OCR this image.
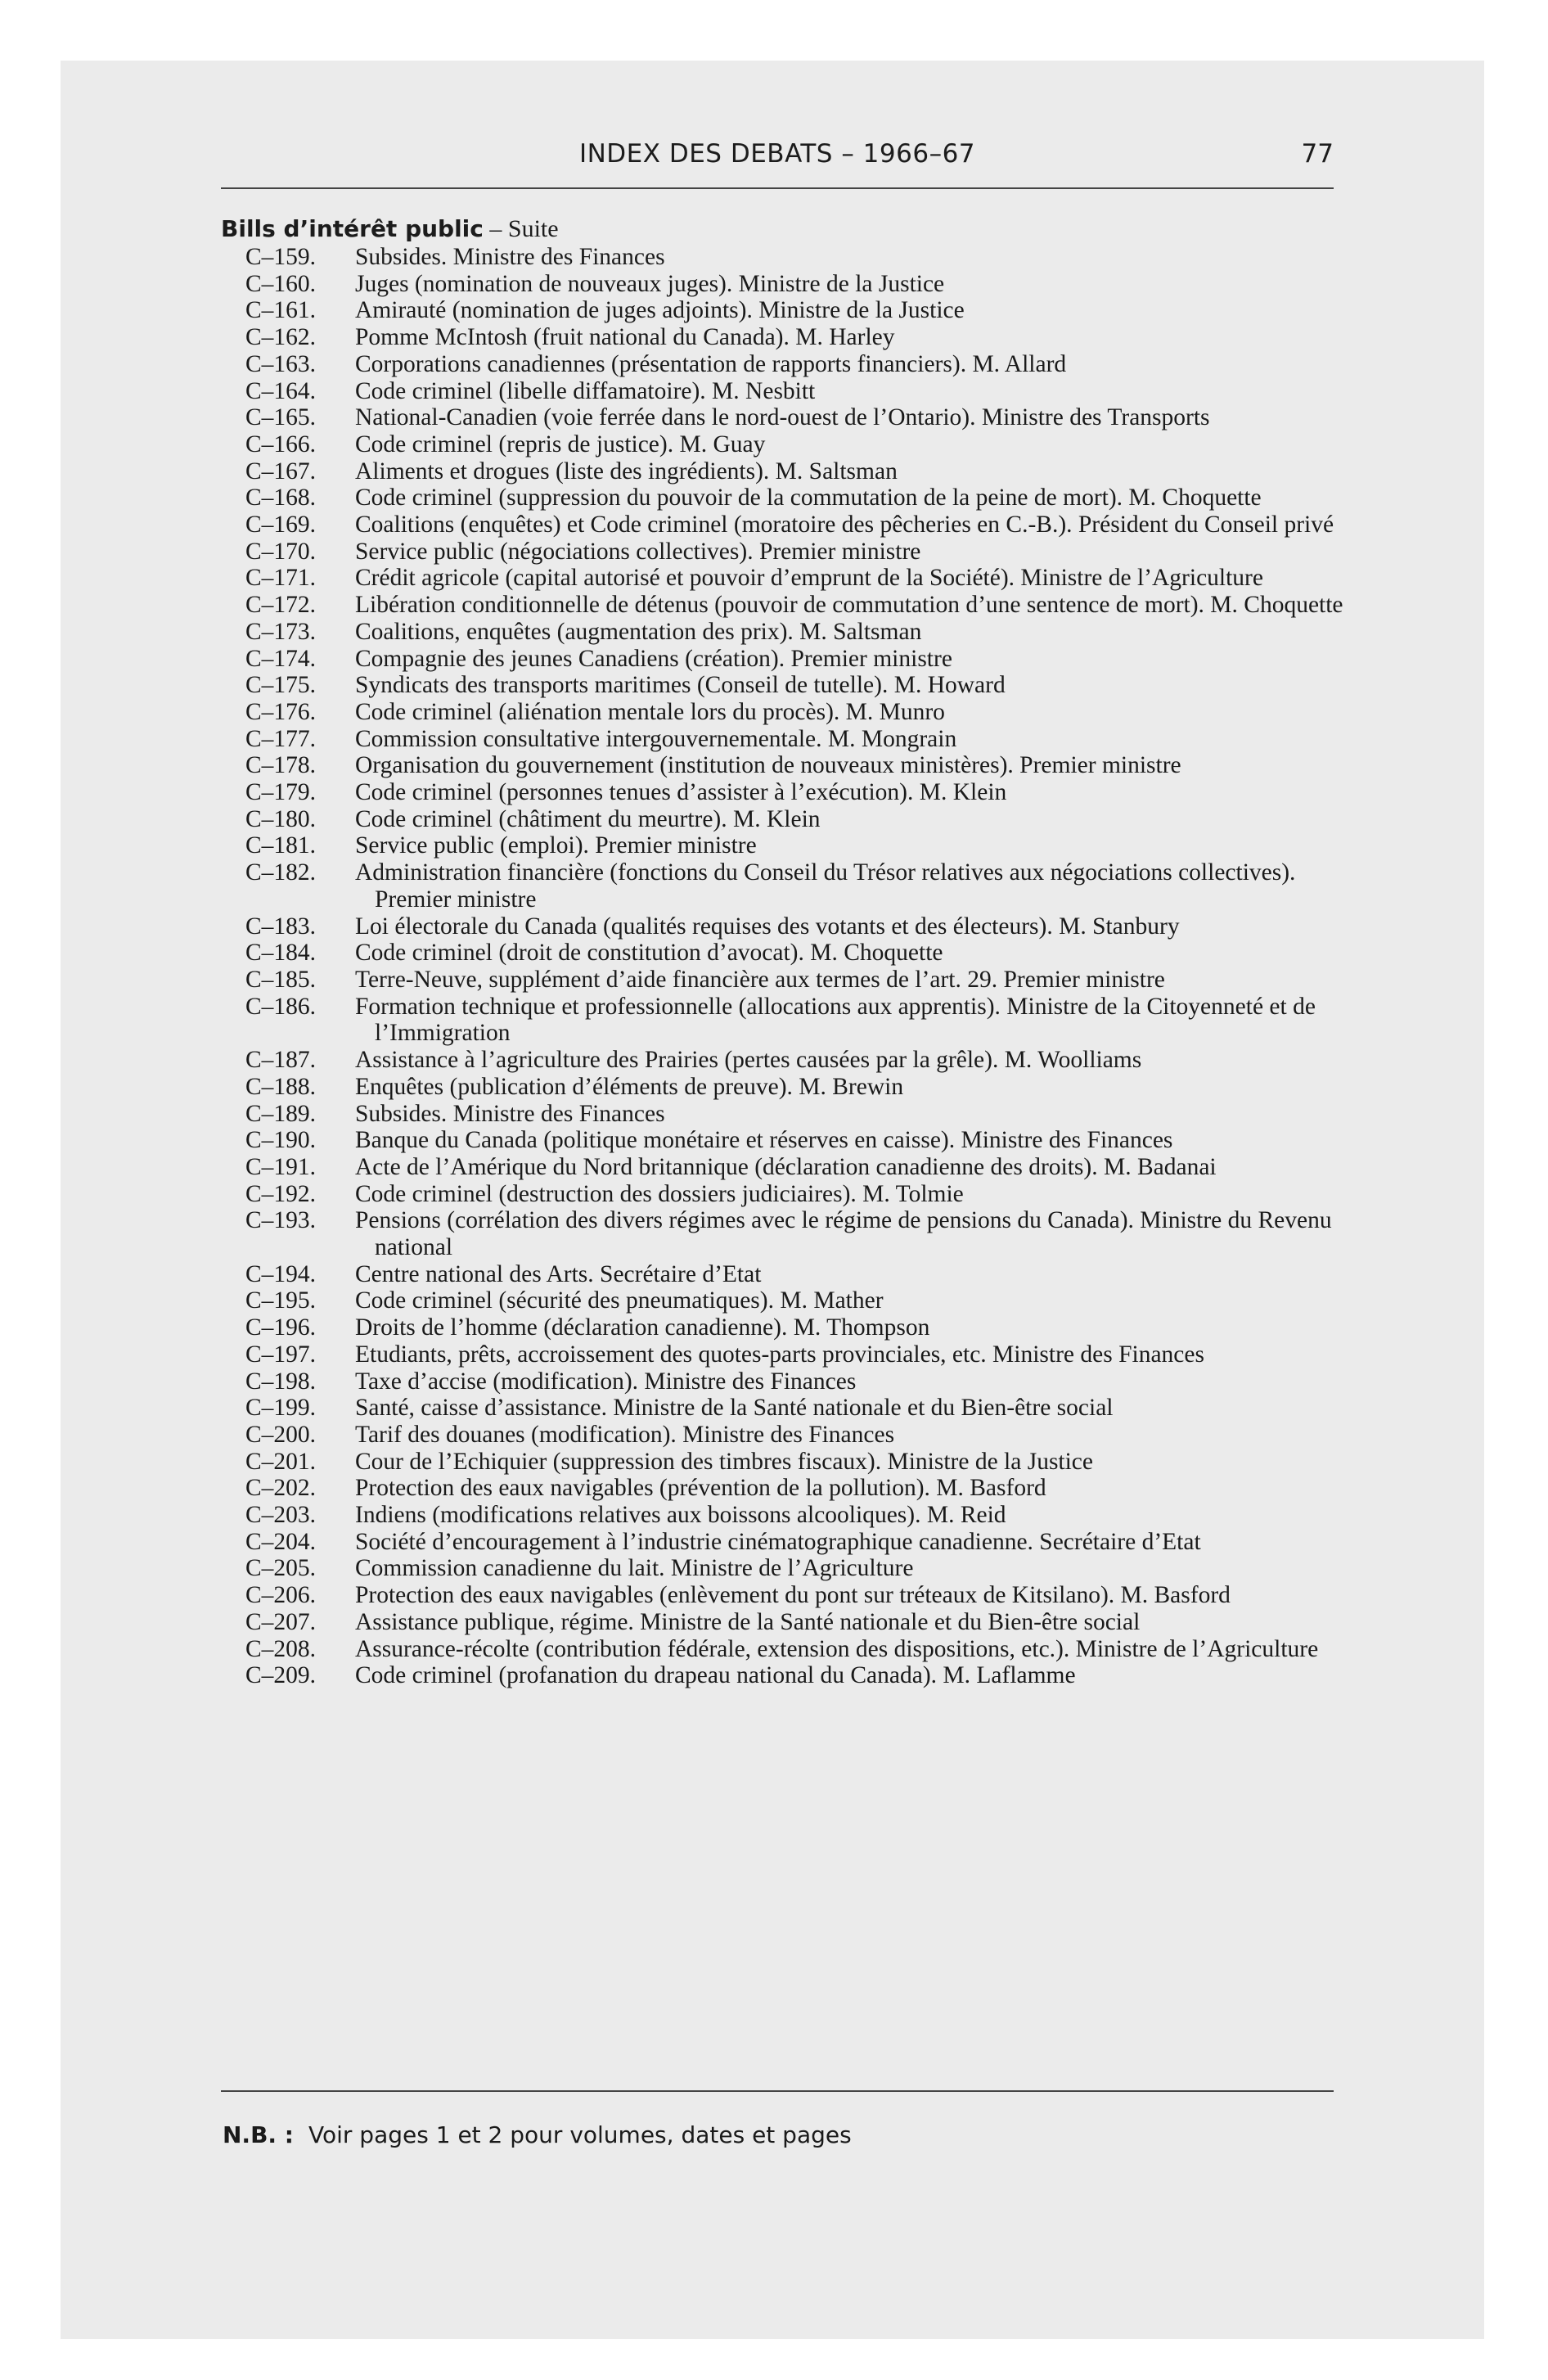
INDEX DES DEBATS – 1966–67	77
Bills d’intérêt public – Suite
C–159.	Subsides. Ministre des Finances
C–160.	Juges (nomination de nouveaux juges). Ministre de la Justice
C–161.	Amirauté (nomination de juges adjoints). Ministre de la Justice
C–162.	Pomme McIntosh (fruit national du Canada). M. Harley
C–163.	Corporations canadiennes (présentation de rapports financiers). M. Allard
C–164.	Code criminel (libelle diffamatoire). M. Nesbitt
C–165.	National-Canadien (voie ferrée dans le nord-ouest de l’Ontario). Ministre des Transports
C–166.	Code criminel (repris de justice). M. Guay
C–167.	Aliments et drogues (liste des ingrédients). M. Saltsman
C–168.	Code criminel (suppression du pouvoir de la commutation de la peine de mort). M. Choquette
C–169.	Coalitions (enquêtes) et Code criminel (moratoire des pêcheries en C.-B.). Président du Conseil privé
C–170.	Service public (négociations collectives). Premier ministre
C–171.	Crédit agricole (capital autorisé et pouvoir d’emprunt de la Société). Ministre de l’Agriculture
C–172.	Libération conditionnelle de détenus (pouvoir de commutation d’une sentence de mort). M. Choquette
C–173.	Coalitions, enquêtes (augmentation des prix). M. Saltsman
C–174.	Compagnie des jeunes Canadiens (création). Premier ministre
C–175.	Syndicats des transports maritimes (Conseil de tutelle). M. Howard
C–176.	Code criminel (aliénation mentale lors du procès). M. Munro
C–177.	Commission consultative intergouvernementale. M. Mongrain
C–178.	Organisation du gouvernement (institution de nouveaux ministères). Premier ministre
C–179.	Code criminel (personnes tenues d’assister à l’exécution). M. Klein
C–180.	Code criminel (châtiment du meurtre). M. Klein
C–181.	Service public (emploi). Premier ministre
C–182.	Administration financière (fonctions du Conseil du Trésor relatives aux négociations collectives). Premier ministre
C–183.	Loi électorale du Canada (qualités requises des votants et des électeurs). M. Stanbury
C–184.	Code criminel (droit de constitution d’avocat). M. Choquette
C–185.	Terre-Neuve, supplément d’aide financière aux termes de l’art. 29. Premier ministre
C–186.	Formation technique et professionnelle (allocations aux apprentis). Ministre de la Citoyenneté et de l’Immigration
C–187.	Assistance à l’agriculture des Prairies (pertes causées par la grêle). M. Woolliams
C–188.	Enquêtes (publication d’éléments de preuve). M. Brewin
C–189.	Subsides. Ministre des Finances
C–190.	Banque du Canada (politique monétaire et réserves en caisse). Ministre des Finances
C–191.	Acte de l’Amérique du Nord britannique (déclaration canadienne des droits). M. Badanai
C–192.	Code criminel (destruction des dossiers judiciaires). M. Tolmie
C–193.	Pensions (corrélation des divers régimes avec le régime de pensions du Canada). Ministre du Revenu national
C–194.	Centre national des Arts. Secrétaire d’Etat
C–195.	Code criminel (sécurité des pneumatiques). M. Mather
C–196.	Droits de l’homme (déclaration canadienne). M. Thompson
C–197.	Etudiants, prêts, accroissement des quotes-parts provinciales, etc. Ministre des Finances
C–198.	Taxe d’accise (modification). Ministre des Finances
C–199.	Santé, caisse d’assistance. Ministre de la Santé nationale et du Bien-être social
C–200.	Tarif des douanes (modification). Ministre des Finances
C–201.	Cour de l’Echiquier (suppression des timbres fiscaux). Ministre de la Justice
C–202.	Protection des eaux navigables (prévention de la pollution). M. Basford
C–203.	Indiens (modifications relatives aux boissons alcooliques). M. Reid
C–204.	Société d’encouragement à l’industrie cinématographique canadienne. Secrétaire d’Etat
C–205.	Commission canadienne du lait. Ministre de l’Agriculture
C–206.	Protection des eaux navigables (enlèvement du pont sur tréteaux de Kitsilano). M. Basford
C–207.	Assistance publique, régime. Ministre de la Santé nationale et du Bien-être social
C–208.	Assurance-récolte (contribution fédérale, extension des dispositions, etc.). Ministre de l’Agriculture
C–209.	Code criminel (profanation du drapeau national du Canada). M. Laflamme
N.B. : Voir pages 1 et 2 pour volumes, dates et pages
